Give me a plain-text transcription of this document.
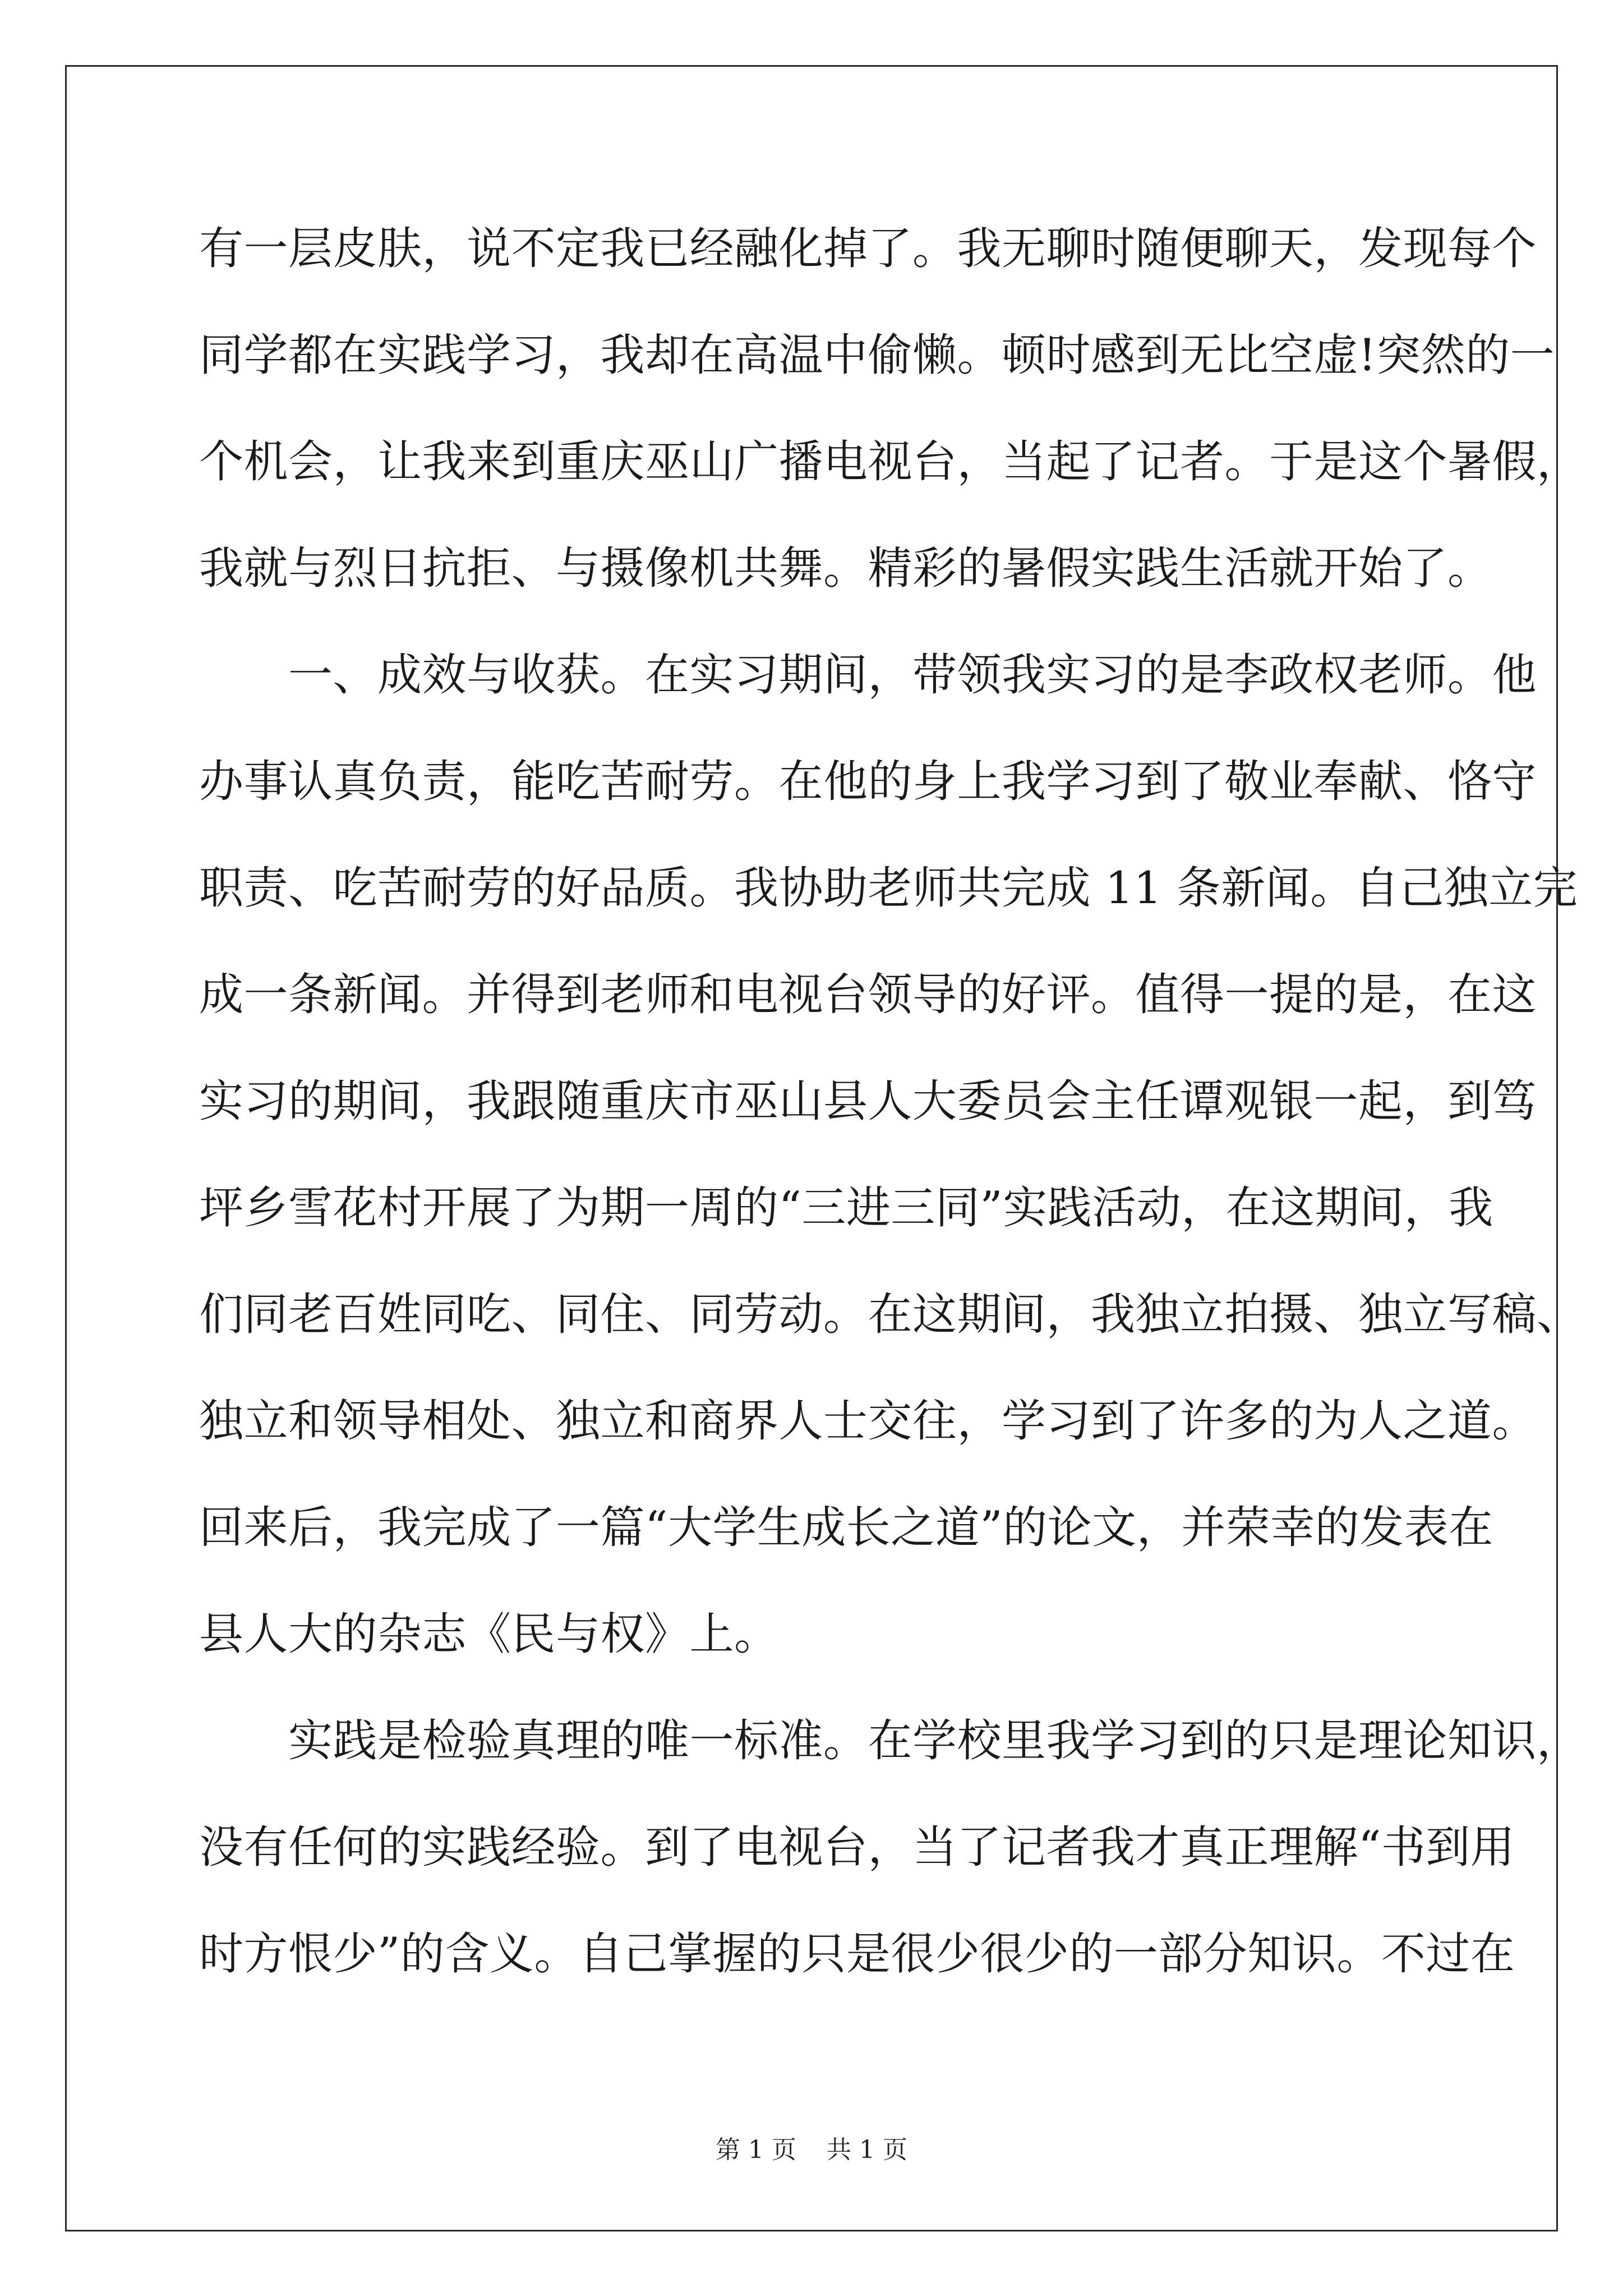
有一层皮肤，说不定我已经融化掉了。我无聊时随便聊天，发现每个
同学都在实践学习，我却在高温中偷懒。顿时感到无比空虚!突然的一
个机会，让我来到重庆巫山广播电视台，当起了记者。于是这个暑假，
我就与烈日抗拒、与摄像机共舞。精彩的暑假实践生活就开始了。
　　一、成效与收获。在实习期间，带领我实习的是李政权老师。他
办事认真负责，能吃苦耐劳。在他的身上我学习到了敬业奉献、恪守
职责、吃苦耐劳的好品质。我协助老师共完成 11 条新闻。自己独立完
成一条新闻。并得到老师和电视台领导的好评。值得一提的是，在这
实习的期间，我跟随重庆市巫山县人大委员会主任谭观银一起，到笃
坪乡雪花村开展了为期一周的“三进三同”实践活动，在这期间，我
们同老百姓同吃、同住、同劳动。在这期间，我独立拍摄、独立写稿、
独立和领导相处、独立和商界人士交往，学习到了许多的为人之道。
回来后，我完成了一篇“大学生成长之道”的论文，并荣幸的发表在
县人大的杂志《民与权》上。
　　实践是检验真理的唯一标准。在学校里我学习到的只是理论知识，
没有任何的实践经验。到了电视台，当了记者我才真正理解“书到用
时方恨少”的含义。自己掌握的只是很少很少的一部分知识。不过在
第 1 页 共 1 页
